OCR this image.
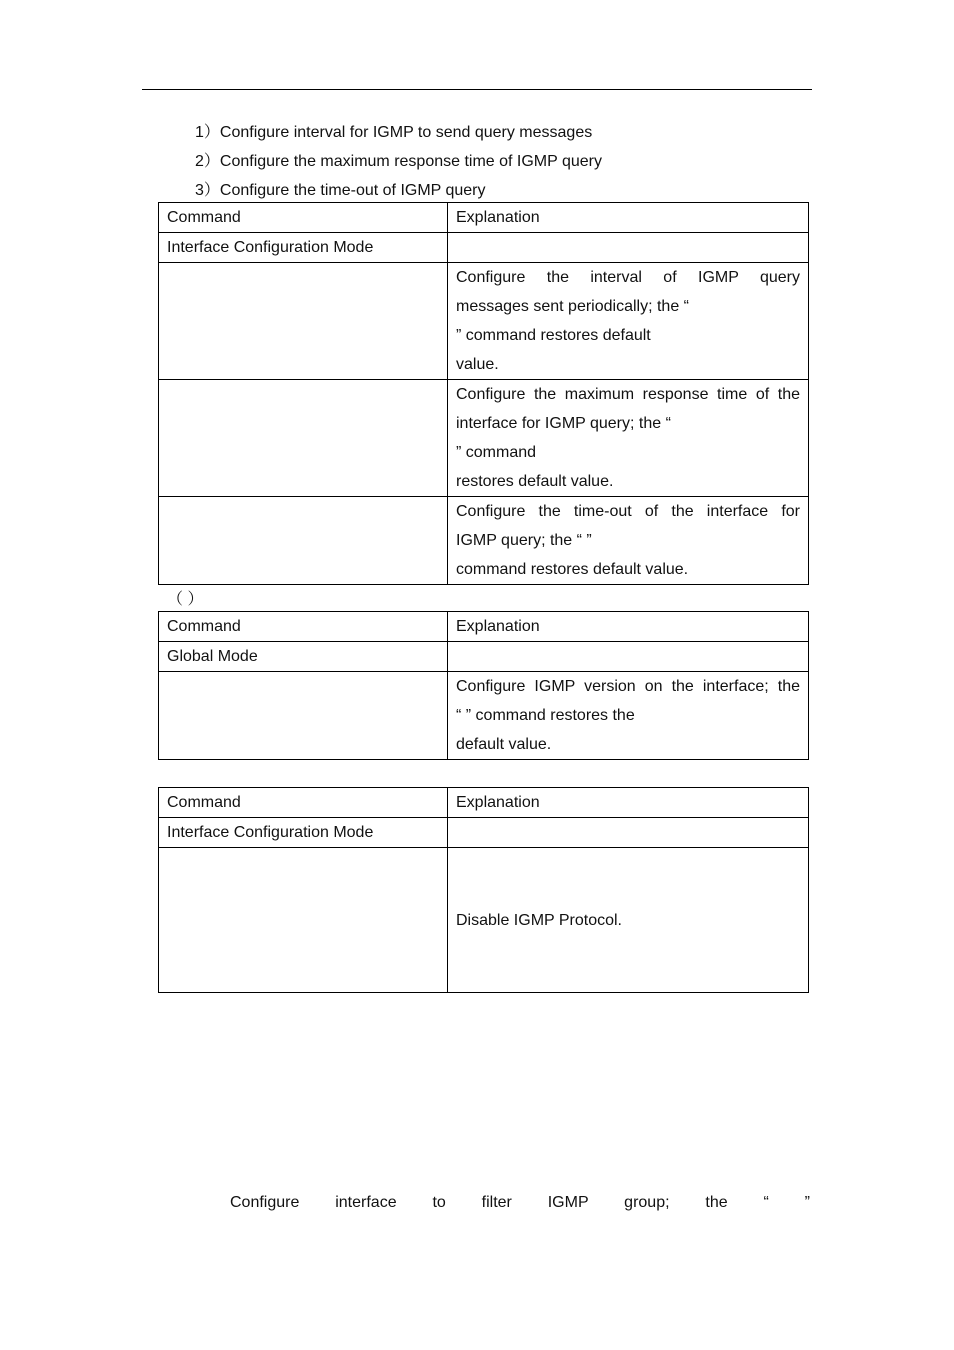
1）Configure interval for IGMP to send query messages
2）Configure the maximum response time of IGMP query
3）Configure the time-out of IGMP query
Command	Explanation
Interface Configuration Mode	

	Configure the interval of IGMP query
messages sent periodically; the “
” command restores default
value.

	Configure the maximum response time of the
interface for IGMP query; the “
” command
restores default value.

	Configure the time-out of the interface for
IGMP query; the “ ”
command restores default value.
（ ）
Command	Explanation
Global Mode	

	Configure IGMP version on the interface; the
“ ” command restores the
default value.
Command	Explanation
Interface Configuration Mode	
	Disable IGMP Protocol.
Configure interface to filter IGMP group; the “ ”
